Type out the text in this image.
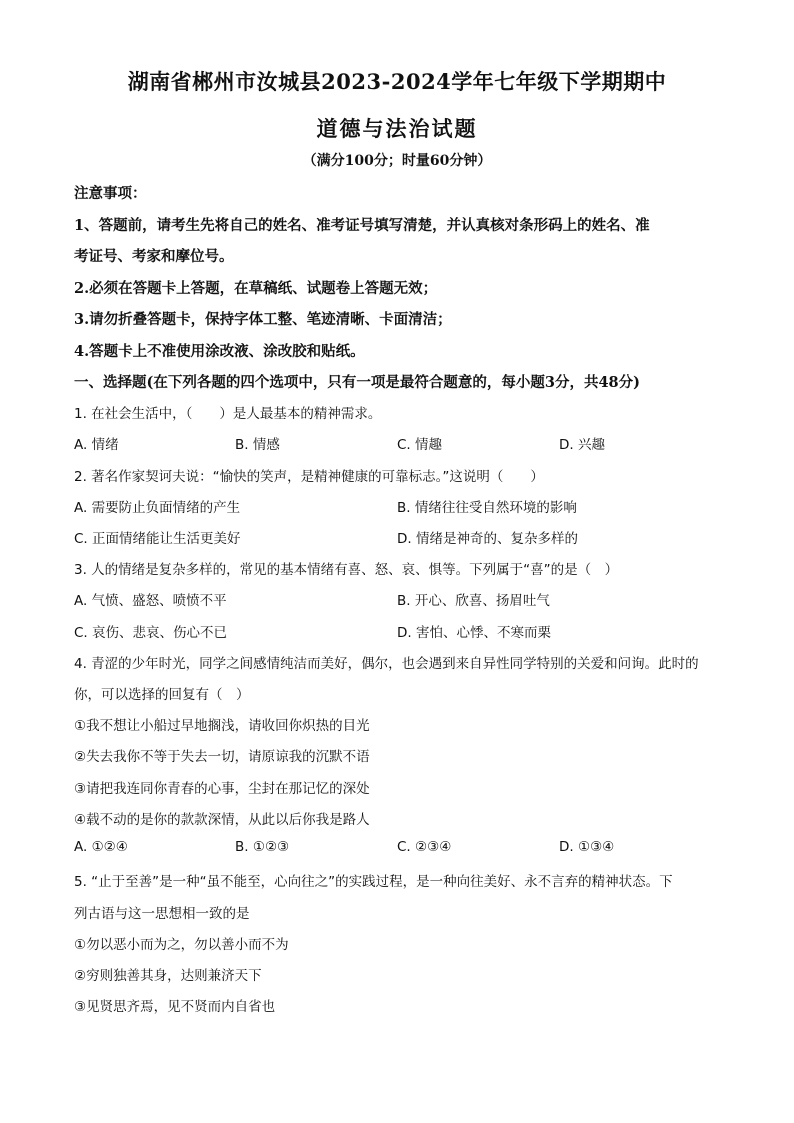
湖南省郴州市汝城县2023-2024学年七年级下学期期中
道德与法治试题
（满分100分；时量60分钟）
注意事项：
1、答题前，请考生先将自己的姓名、准考证号填写清楚，并认真核对条形码上的姓名、准
考证号、考家和摩位号。
2.必须在答题卡上答题，在草稿纸、试题卷上答题无效；
3.请勿折叠答题卡，保持字体工整、笔迹清晰、卡面清洁；
4.答题卡上不准使用涂改液、涂改胶和贴纸。
一、选择题(在下列各题的四个选项中，只有一项是最符合题意的，每小题3分，共48分)
1. 在社会生活中，（　　）是人最基本的精神需求。
A. 情绪	B. 情感	C. 情趣	D. 兴趣
2. 著名作家契诃夫说：“愉快的笑声，是精神健康的可靠标志。”这说明（　　）
A. 需要防止负面情绪的产生	B. 情绪往往受自然环境的影响
C. 正面情绪能让生活更美好	D. 情绪是神奇的、复杂多样的
3. 人的情绪是复杂多样的，常见的基本情绪有喜、怒、哀、惧等。下列属于“喜”的是（　）
A. 气愤、盛怒、喷愤不平	B. 开心、欣喜、扬眉吐气
C. 哀伤、悲哀、伤心不已	D. 害怕、心悸、不寒而栗
4. 青涩的少年时光，同学之间感情纯洁而美好，偶尔，也会遇到来自异性同学特别的关爱和问询。此时的
你，可以选择的回复有（　）
①我不想让小船过早地搁浅，请收回你炽热的目光
②失去我你不等于失去一切，请原谅我的沉默不语
③请把我连同你青春的心事，尘封在那记忆的深处
④载不动的是你的款款深情，从此以后你我是路人
A. ①②④	B. ①②③	C. ②③④	D. ①③④
5. “止于至善”是一种“虽不能至，心向往之”的实践过程，是一种向往美好、永不言弃的精神状态。下
列古语与这一思想相一致的是
①勿以恶小而为之，勿以善小而不为
②穷则独善其身，达则兼济天下
③见贤思齐焉，见不贤而内自省也
